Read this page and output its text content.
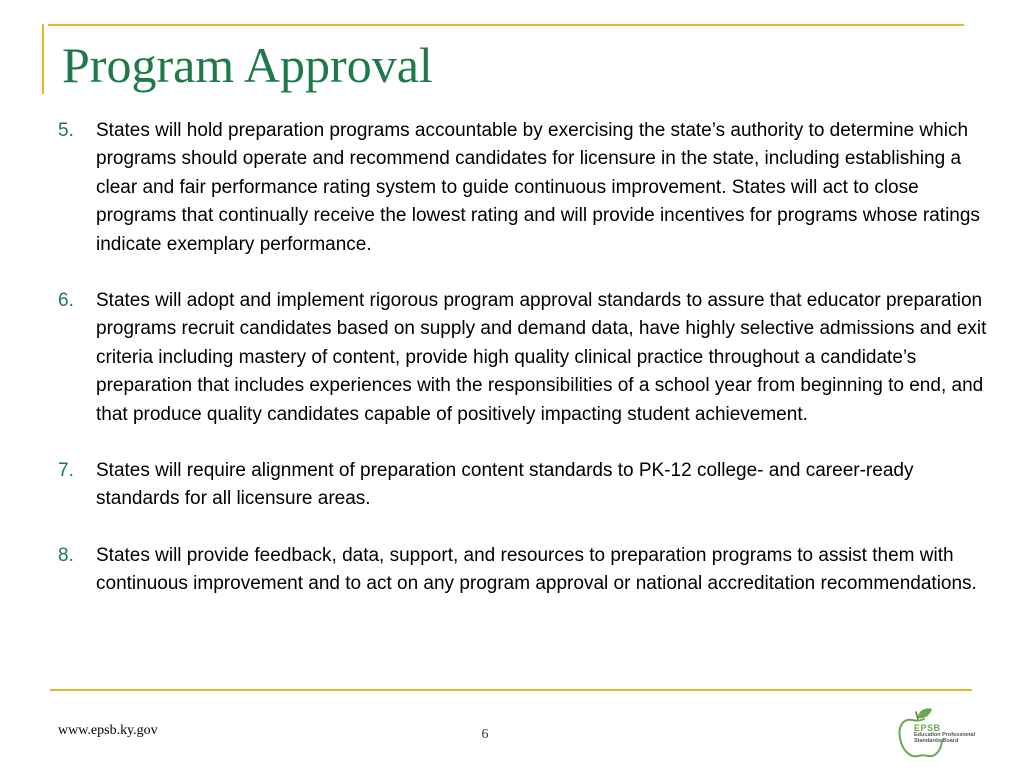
Program Approval
5. States will hold preparation programs accountable by exercising the state’s authority to determine which programs should operate and recommend candidates for licensure in the state, including establishing a clear and fair performance rating system to guide continuous improvement. States will act to close programs that continually receive the lowest rating and will provide incentives for programs whose ratings indicate exemplary performance.
6. States will adopt and implement rigorous program approval standards to assure that educator preparation programs recruit candidates based on supply and demand data, have highly selective admissions and exit criteria including mastery of content, provide high quality clinical practice throughout a candidate’s preparation that includes experiences with the responsibilities of a school year from beginning to end, and that produce quality candidates capable of positively impacting student achievement.
7. States will require alignment of preparation content standards to PK-12 college- and career-ready standards for all licensure areas.
8. States will provide feedback, data, support, and resources to preparation programs to assist them with continuous improvement and to act on any program approval or national accreditation recommendations.
www.epsb.ky.gov	6	EPSB
Education Professional Standards Board
